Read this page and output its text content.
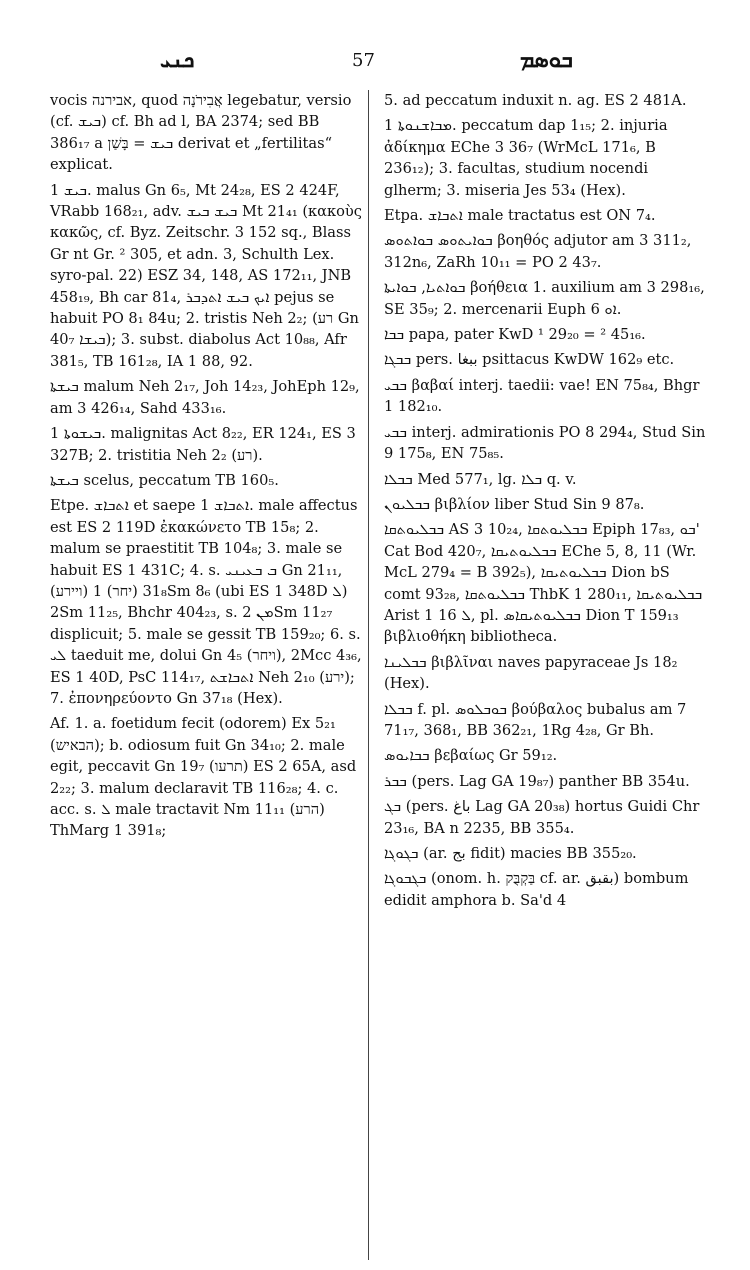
ܟܢܝ	57	ܒܘܣܡ

vocis אבירנה, quod אֲבִירֹנָה legebatur, versio (cf. ܒܝܫ) cf. Bh ad l, BA 2374; sed BB 386₁₇ a ܒܝܫ = בָּשַׁן derivat et „fertilitas“ explicat.

ܒܝܫ 1. malus Gn 6₅, Mt 24₂₈, ES 2 424F, VRabb 168₂₁, adv. ܒܝܫ ܒܝܫ Mt 21₄₁ (κακοὺς κακῶς, cf. Byz. Zeitschr. 3 152 sq., Blass Gr nt Gr. ² 305, et adn. 3, Schulth Lex. syro-pal. 22) ESZ 34, 148, AS 172₁₁, JNB 458₁₉, Bh car 81₄, ܐܝܟ ܒܝܫ ܐܬܕܒܪ pejus se habuit PO 8₁ 84u; 2. tristis Neh 2₂; (רע Gn 40₇ ܒܝܫܐ); 3. subst. diabolus Act 10₈₈, Afr 381₅, TB 161₂₈, IA 1 88, 92.

ܒܝܫܬܐ malum Neh 2₁₇, Joh 14₂₃, JohEph 12₉, am 3 426₁₄, Sahd 433₁₆.

ܒܝܫܘܬܐ 1. malignitas Act 8₂₂, ER 124₁, ES 3 327B; 2. tristitia Neh 2₂ (רע).

ܒܝܫܬܐ scelus, peccatum TB 160₅.

Etpe. ܐܬܒܐܫ et saepe ܐܬܒܐܫ 1. male affectus est ES 2 119D ἐκακώνετο TB 15₈; 2. malum se praestitit TB 104₈; 3. male se habuit ES 1 431C; 4. s. ܒ ܒܥܝܢܝ Gn 21₁₁, (ויירע) 31₈ (יחר) 1Sm 8₆ (ubi ES 1 348D ܠ) 2Sm 11₂₅, Bhchr 404₂₃, s. ܡܢ 2Sm 11₂₇ displicuit; 5. male se gessit TB 159₂₀; 6. s. ܠܝ taeduit me, dolui Gn 4₅ (ויחר), 2Mcc 4₃₆, ES 1 40D, PsC 114₁₇, ܐܬܒܐܫܬ Neh 2₁₀ (ירע); 7. ἐπονηρεύοντο Gn 37₁₈ (Hex).

Af. 1. a. foetidum fecit (odorem) Ex 5₂₁ (הבאיש); b. odiosum fuit Gn 34₁₀; 2. male egit, peccavit Gn 19₇ (תרעו) ES 2 65A, asd 2₂₂; 3. malum declaravit TB 116₂₈; 4. c. acc. s. ܠ male tractavit Nm 11₁₁ (הרע) ThMarg 1 391₈;

5. ad peccatum induxit n. ag. ES 2 481A.

ܡܒܐܫܢܘܬܐ 1. peccatum dap 1₁₅; 2. injuria ἀδίκημα EChe 3 36₇ (WrMcL 171₆, B 236₁₂); 3. facultas, studium nocendi glherm; 3. miseria Jes 53₄ (Hex).

Etpa. ܐܬܒܐܫ male tractatus est ON 7₄.

ܒܘܐܝܬܘܣ ܒܘܐܬܘܣ βοηθός adjutor am 3 311₂, 312n₆, ZaRh 10₁₁ = PO 2 43₇.

ܒܘܐܬܝܐ, ܒܘܐܝܬܐ βοήθεια 1. auxilium am 3 298₁₆, SE 35₉; 2. mercenarii Euph ܐܘ 6.

ܒܒܐ papa, pater KwD ¹ 29₂₀ = ² 45₁₆.

ܒܒܓܐ pers. ببغا psittacus KwDW 162₉ etc.

ܒܒܝ βαβαί interj. taedii: vae! EN 75₈₄, Bhgr 1 182₁₀.

ܒܒܝ interj. admirationis PO 8 294₄, Stud Sin 9 175₈, EN 75₈₅.

ܒܒܠܐ Med 577₁, lg. ܒܠܐ q. v.

ܒܒܠܝܘܢ βιβλίον liber Stud Sin 9 87₈.

ܒܒܠܝܘܬܩܐ AS 3 10₂₄, ܒܒܠܝܘܬܩܐ Epiph 17₈₃, ܒܘ' Cat Bod 420₇, ܒܒܠܝܘܬܝܩܐ EChe 5, 8, 11 (Wr. McL 279₄ = B 392₅), ܒܒܠܝܘܬܝܩܐ Dion bS comt 93₂₈, ܒܒܠܝܘܬܩܐ ThbK 1 280₁₁, ܒܒܠܝܘܬܝܩܐ Arist 1 ܠ 16, pl. ܒܒܠܝܘܬܝܩܐܣ Dion T 159₁₃ βιβλιοθήκη bibliotheca.

ܒܒܠܝܢܐ βιβλῖναι naves papyraceae Js 18₂ (Hex).

ܒܒܠܐ f. pl. ܒܘܒܠܘܣ βούβαλος bubalus am 7 71₁₇, 368₁, BB 362₂₁, 1Rg 4₂₈, Gr Bh.

ܒܒܐܝܘܣ βεβαίως Gr 59₁₂.

ܒܒܪ (pers. Lag GA 19₈₇) panther BB 354u.

ܒܓ (pers. باغ Lag GA 20₃₈) hortus Guidi Chr 23₁₆, BA n 2235, BB 355₄.

ܒܓܘܓܐ (ar. بج fidit) macies BB 355₂₀.

ܒܓܒܘܓܐ (onom. h. בַּקְבֻּק cf. ar. بقبق) bombum edidit amphora b. Sa'd 4
